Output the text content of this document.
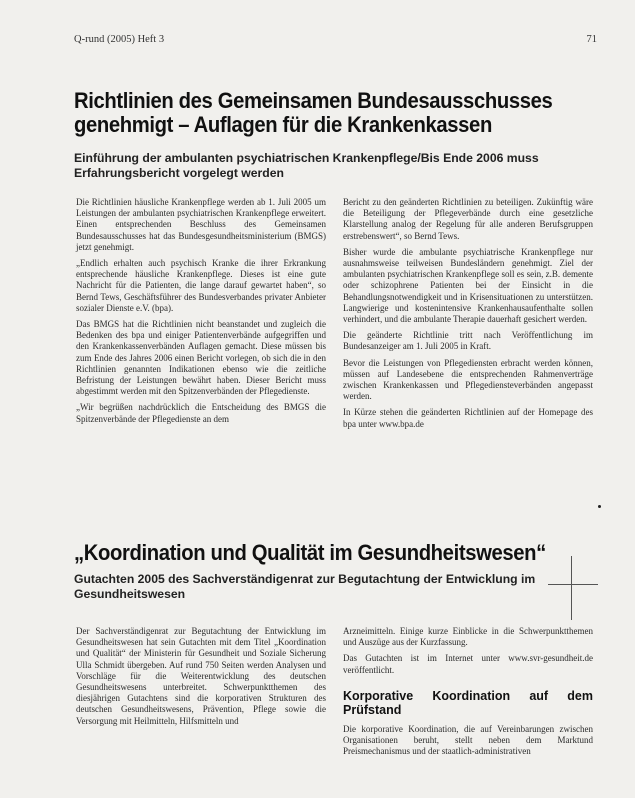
Q-rund (2005) Heft 3	71
Richtlinien des Gemeinsamen Bundesausschusses genehmigt – Auflagen für die Krankenkassen
Einführung der ambulanten psychiatrischen Krankenpflege/Bis Ende 2006 muss Erfahrungsbericht vorgelegt werden

Die Richtlinien häusliche Krankenpflege werden ab 1. Juli 2005 um Leistungen der ambulanten psychiatrischen Krankenpflege erweitert. Einen entsprechenden Beschluss des Gemeinsamen Bundesausschusses hat das Bundesgesundheitsministerium (BMGS) jetzt genehmigt.

„Endlich erhalten auch psychisch Kranke die ihrer Erkrankung entsprechende häusliche Krankenpflege. Dieses ist eine gute Nachricht für die Patienten, die lange darauf gewartet haben“, so Bernd Tews, Geschäftsführer des Bundesverbandes privater Anbieter sozialer Dienste e.V. (bpa).

Das BMGS hat die Richtlinien nicht beanstandet und zugleich die Bedenken des bpa und einiger Patientenverbände aufgegriffen und den Krankenkassenverbänden Auflagen gemacht. Diese müssen bis zum Ende des Jahres 2006 einen Bericht vorlegen, ob sich die in den Richtlinien genannten Indikationen ebenso wie die zeitliche Befristung der Leistungen bewährt haben. Dieser Bericht muss abgestimmt werden mit den Spitzenverbänden der Pflegedienste.

„Wir begrüßen nachdrücklich die Entscheidung des BMGS die Spitzenverbände der Pflegedienste an dem

Bericht zu den geänderten Richtlinien zu beteiligen. Zukünftig wäre die Beteiligung der Pflegeverbände durch eine gesetzliche Klarstellung analog der Regelung für alle anderen Berufsgruppen erstrebenswert“, so Bernd Tews.

Bisher wurde die ambulante psychiatrische Krankenpflege nur ausnahmsweise teilweisen Bundesländern genehmigt. Ziel der ambulanten psychiatrischen Krankenpflege soll es sein, z.B. demente oder schizophrene Patienten bei der Einsicht in die Behandlungsnotwendigkeit und in Krisensituationen zu unterstützen. Langwierige und kostenintensive Krankenhausaufenthalte sollen verhindert, und die ambulante Therapie dauerhaft gesichert werden.

Die geänderte Richtlinie tritt nach Veröffentlichung im Bundesanzeiger am 1. Juli 2005 in Kraft.

Bevor die Leistungen von Pflegediensten erbracht werden können, müssen auf Landesebene die entsprechenden Rahmenverträge zwischen Krankenkassen und Pflegediensteverbänden angepasst werden.

In Kürze stehen die geänderten Richtlinien auf der Homepage des bpa unter www.bpa.de

„Koordination und Qualität im Gesundheitswesen“
Gutachten 2005 des Sachverständigenrat zur Begutachtung der Entwicklung im Gesundheitswesen

Der Sachverständigenrat zur Begutachtung der Entwicklung im Gesundheitswesen hat sein Gutachten mit dem Titel „Koordination und Qualität“ der Ministerin für Gesundheit und Soziale Sicherung Ulla Schmidt übergeben. Auf rund 750 Seiten werden Analysen und Vorschläge für die Weiterentwicklung des deutschen Gesundheitswesens unterbreitet. Schwerpunktthemen des diesjährigen Gutachtens sind die korporativen Strukturen des deutschen Gesundheitswesens, Prävention, Pflege sowie die Versorgung mit Heilmitteln, Hilfsmitteln und

Arzneimitteln. Einige kurze Einblicke in die Schwerpunktthemen und Auszüge aus der Kurzfassung.

Das Gutachten ist im Internet unter www.svr-gesundheit.de veröffentlicht.

Korporative Koordination auf dem Prüfstand

Die korporative Koordination, die auf Vereinbarungen zwischen Organisationen beruht, stellt neben dem Marktund Preismechanismus und der staatlich-administrativen
